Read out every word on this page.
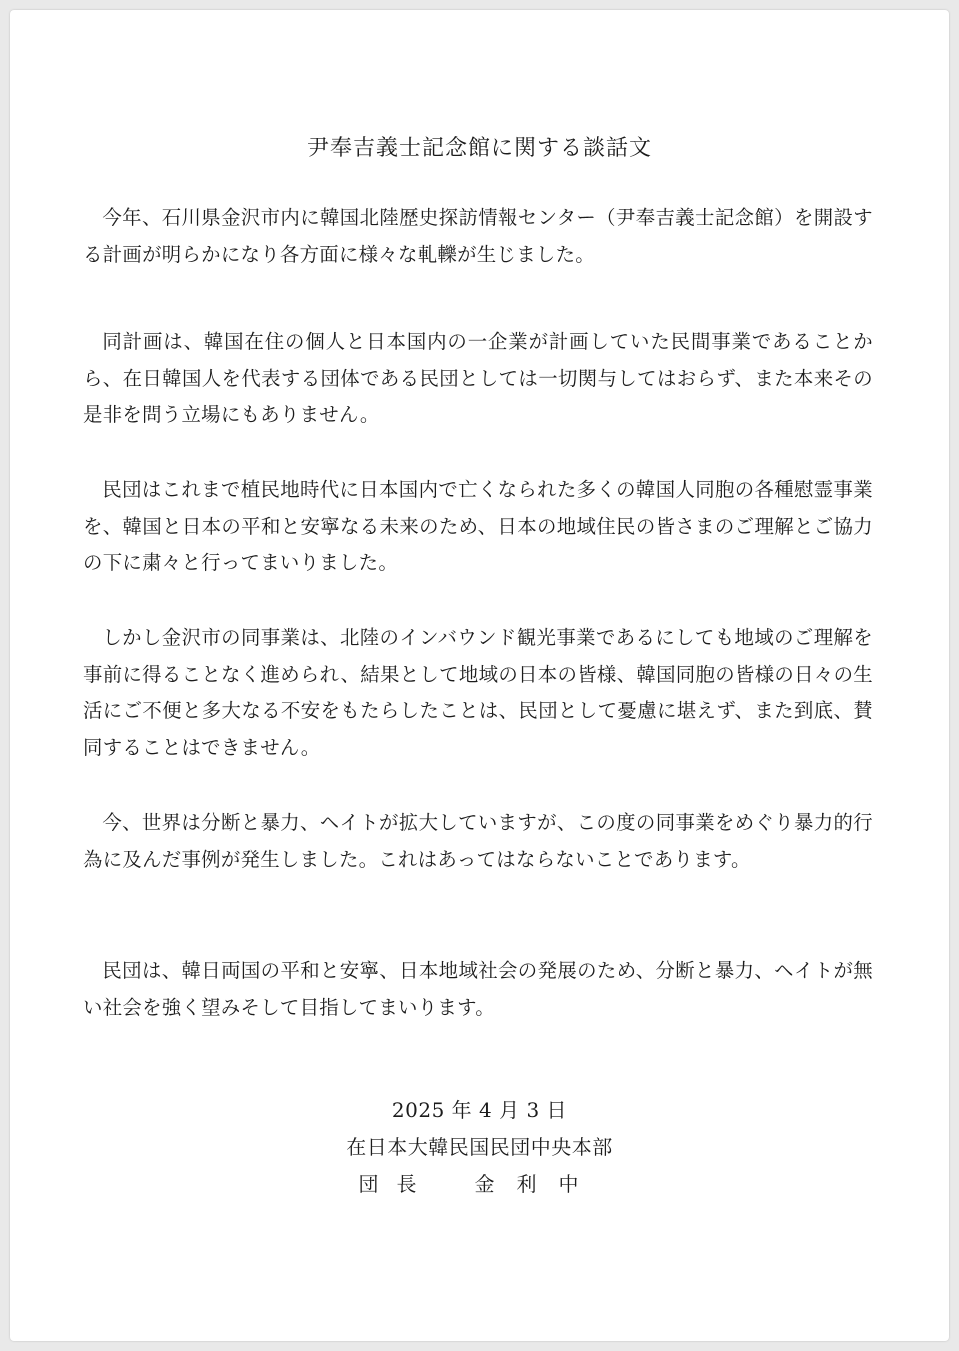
尹奉吉義士記念館に関する談話文

今年、石川県金沢市内に韓国北陸歴史探訪情報センター（尹奉吉義士記念館）を開設する計画が明らかになり各方面に様々な軋轢が生じました。

同計画は、韓国在住の個人と日本国内の一企業が計画していた民間事業であることから、在日韓国人を代表する団体である民団としては一切関与してはおらず、また本来その是非を問う立場にもありません。

民団はこれまで植民地時代に日本国内で亡くなられた多くの韓国人同胞の各種慰霊事業を、韓国と日本の平和と安寧なる未来のため、日本の地域住民の皆さまのご理解とご協力の下に粛々と行ってまいりました。

しかし金沢市の同事業は、北陸のインバウンド観光事業であるにしても地域のご理解を事前に得ることなく進められ、結果として地域の日本の皆様、韓国同胞の皆様の日々の生活にご不便と多大なる不安をもたらしたことは、民団として憂慮に堪えず、また到底、賛同することはできません。

今、世界は分断と暴力、ヘイトが拡大していますが、この度の同事業をめぐり暴力的行為に及んだ事例が発生しました。これはあってはならないことであります。

民団は、韓日両国の平和と安寧、日本地域社会の発展のため、分断と暴力、ヘイトが無い社会を強く望みそして目指してまいります。

2025 年 4 月 3 日
在日本大韓民国民団中央本部
団長 金利中
